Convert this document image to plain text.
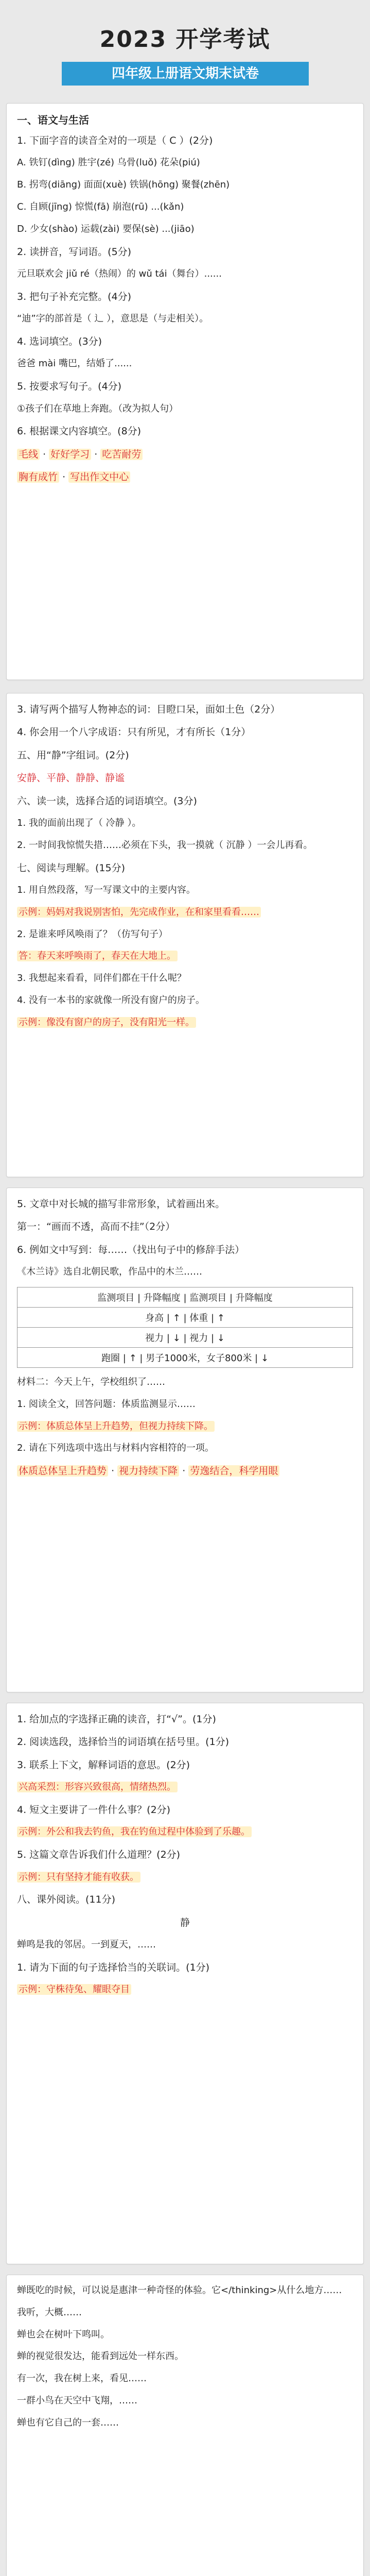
2023 开学考试
四年级上册语文期末试卷
一、语文与生活
1. 下面字音的读音全对的一项是（ C ）(2分)
A. 铁钉(dìng) 胜宇(zé) 乌骨(luǒ) 花朵(piú)
B. 拐弯(diāng) 面面(xuè) 铁锅(hōng) 聚餐(zhēn)
C. 自顾(jīng) 惊慌(fā) 崩泡(rū) ...(kǎn)
D. 少女(shào) 运载(zài) 要保(sè) ...(jiāo)
2. 读拼音，写词语。(5分)
元旦联欢会 jiǔ ré（热闹）的 wǔ tái（舞台）......
3. 把句子补充完整。(4分)
“迪”字的部首是（ 辶 ），意思是（与走相关）。
4. 选词填空。(3分)
爸爸 mài 嘴巴，结婚了......
5. 按要求写句子。(4分)
①孩子们在草地上奔跑。（改为拟人句）
6. 根据课文内容填空。(8分)
毛线 · 好好学习 · 吃苦耐劳
胸有成竹 · 写出作文中心
3. 请写两个描写人物神态的词：目瞪口呆，面如土色（2分）
4. 你会用一个八字成语：只有所见，才有所长（1分）
五、用“静”字组词。(2分)
安静、平静、静静、静谧
六、读一读，选择合适的词语填空。(3分)
1. 我的面前出现了（ 冷静 ）。
2. 一时间我惊慌失措……必须在下头，我一摸就（ 沉静 ）一会儿再看。
七、阅读与理解。(15分)
1. 用自然段落，写一写课文中的主要内容。
示例：妈妈对我说别害怕，先完成作业，在和家里看看……
2. 是谁来呼风唤雨了？（仿写句子）
答：春天来呼唤雨了，春天在大地上。
3. 我想起来看看，同伴们都在干什么呢？
4. 没有一本书的家就像一所没有窗户的房子。
示例：像没有窗户的房子，没有阳光一样。
5. 文章中对长城的描写非常形象，试着画出来。
第一：“画而不透，高而不挂”（2分）
6. 例如文中写到：每……（找出句子中的修辞手法）
《木兰诗》选自北朝民歌，作品中的木兰……
监测项目 | 升降幅度 | 监测项目 | 升降幅度
身高 | ↑ | 体重 | ↑
视力 | ↓ | 视力 | ↓
跑圈 | ↑ | 男子1000米，女子800米 | ↓
材料二：今天上午，学校组织了……
1. 阅读全文，回答问题：体质监测显示……
示例：体质总体呈上升趋势，但视力持续下降。
2. 请在下列选项中选出与材料内容相符的一项。
体质总体呈上升趋势 · 视力持续下降 · 劳逸结合，科学用眼
1. 给加点的字选择正确的读音，打“√”。(1分)
2. 阅读选段，选择恰当的词语填在括号里。(1分)
3. 联系上下文，解释词语的意思。(2分)
兴高采烈：形容兴致很高，情绪热烈。
4. 短文主要讲了一件什么事？(2分)
示例：外公和我去钓鱼，我在钓鱼过程中体验到了乐趣。
5. 这篇文章告诉我们什么道理？(2分)
示例：只有坚持才能有收获。
八、课外阅读。(11分)
静
蝉鸣是我的邻居。一到夏天，……
1. 请为下面的句子选择恰当的关联词。(1分)
示例：守株待兔、耀眼夺目
蝉既吃的时候，可以说是惠津一种奇怪的体验。它</thinking>从什么地方……
我听，大概……
蝉也会在树叶下鸣叫。
蝉的视觉很发达，能看到远处一样东西。
有一次，我在树上来，看见……
一群小鸟在天空中飞翔，……
蝉也有它自己的一套……
